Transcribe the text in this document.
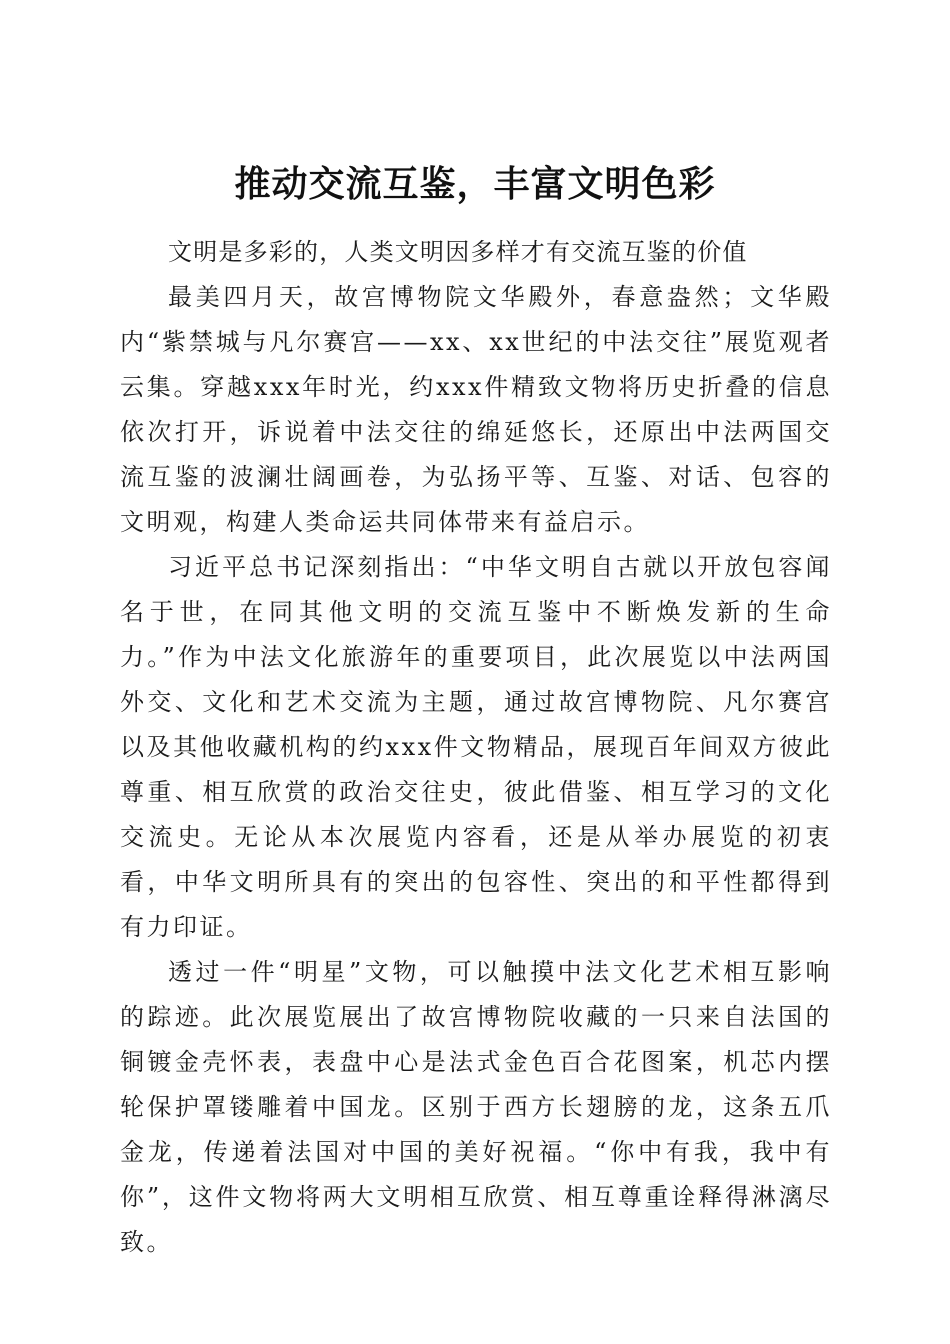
推动交流互鉴，丰富文明色彩

文明是多彩的，人类文明因多样才有交流互鉴的价值

最美四月天，故宫博物院文华殿外，春意盎然；文华殿内“紫禁城与凡尔赛宫——xx、xx世纪的中法交往”展览观者云集。穿越xxx年时光，约xxx件精致文物将历史折叠的信息依次打开，诉说着中法交往的绵延悠长，还原出中法两国交流互鉴的波澜壮阔画卷，为弘扬平等、互鉴、对话、包容的文明观，构建人类命运共同体带来有益启示。

习近平总书记深刻指出：“中华文明自古就以开放包容闻名于世，在同其他文明的交流互鉴中不断焕发新的生命力。”作为中法文化旅游年的重要项目，此次展览以中法两国外交、文化和艺术交流为主题，通过故宫博物院、凡尔赛宫以及其他收藏机构的约xxx件文物精品，展现百年间双方彼此尊重、相互欣赏的政治交往史，彼此借鉴、相互学习的文化交流史。无论从本次展览内容看，还是从举办展览的初衷看，中华文明所具有的突出的包容性、突出的和平性都得到有力印证。

透过一件“明星”文物，可以触摸中法文化艺术相互影响的踪迹。此次展览展出了故宫博物院收藏的一只来自法国的铜镀金壳怀表，表盘中心是法式金色百合花图案，机芯内摆轮保护罩镂雕着中国龙。区别于西方长翅膀的龙，这条五爪金龙，传递着法国对中国的美好祝福。“你中有我，我中有你”，这件文物将两大文明相互欣赏、相互尊重诠释得淋漓尽致。
